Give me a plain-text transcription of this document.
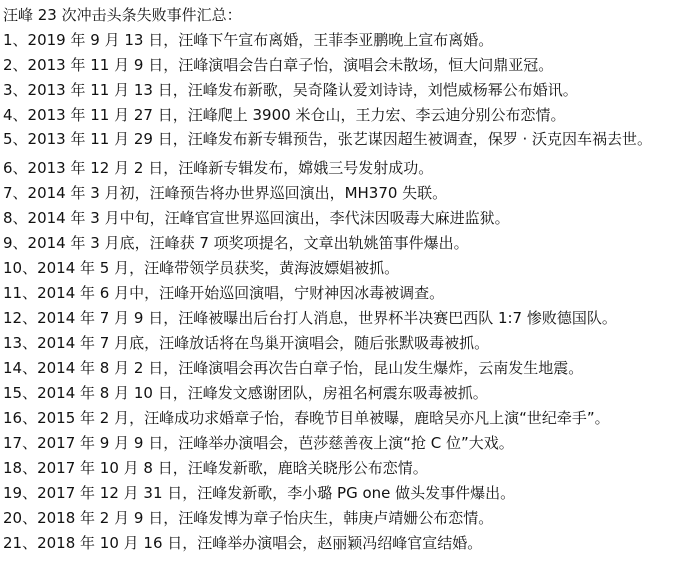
汪峰 23 次冲击头条失败事件汇总：

1、2019 年 9 月 13 日，汪峰下午宣布离婚，王菲李亚鹏晚上宣布离婚。

2、2013 年 11 月 9 日，汪峰演唱会告白章子怡，演唱会未散场，恒大问鼎亚冠。

3、2013 年 11 月 13 日，汪峰发布新歌，吴奇隆认爱刘诗诗，刘恺威杨幂公布婚讯。

4、2013 年 11 月 27 日，汪峰爬上 3900 米仓山，王力宏、李云迪分别公布恋情。

5、2013 年 11 月 29 日，汪峰发布新专辑预告，张艺谋因超生被调查，保罗 · 沃克因车祸去世。

6、2013 年 12 月 2 日，汪峰新专辑发布，嫦娥三号发射成功。

7、2014 年 3 月初，汪峰预告将办世界巡回演出，MH370 失联。

8、2014 年 3 月中旬，汪峰官宣世界巡回演出，李代沫因吸毒大麻进监狱。

9、2014 年 3 月底，汪峰获 7 项奖项提名，文章出轨姚笛事件爆出。

10、2014 年 5 月，汪峰带领学员获奖，黄海波嫖娼被抓。

11、2014 年 6 月中，汪峰开始巡回演唱，宁财神因冰毒被调查。

12、2014 年 7 月 9 日，汪峰被曝出后台打人消息，世界杯半决赛巴西队 1:7 惨败德国队。

13、2014 年 7 月底，汪峰放话将在鸟巢开演唱会，随后张默吸毒被抓。

14、2014 年 8 月 2 日，汪峰演唱会再次告白章子怡，昆山发生爆炸，云南发生地震。

15、2014 年 8 月 10 日，汪峰发文感谢团队，房祖名柯震东吸毒被抓。

16、2015 年 2 月，汪峰成功求婚章子怡，春晚节目单被曝，鹿晗吴亦凡上演“世纪牵手”。

17、2017 年 9 月 9 日，汪峰举办演唱会，芭莎慈善夜上演“抢 C 位”大戏。

18、2017 年 10 月 8 日，汪峰发新歌，鹿晗关晓彤公布恋情。

19、2017 年 12 月 31 日，汪峰发新歌，李小璐 PG one 做头发事件爆出。

20、2018 年 2 月 9 日，汪峰发博为章子怡庆生，韩庚卢靖姗公布恋情。

21、2018 年 10 月 16 日，汪峰举办演唱会，赵丽颖冯绍峰官宣结婚。
